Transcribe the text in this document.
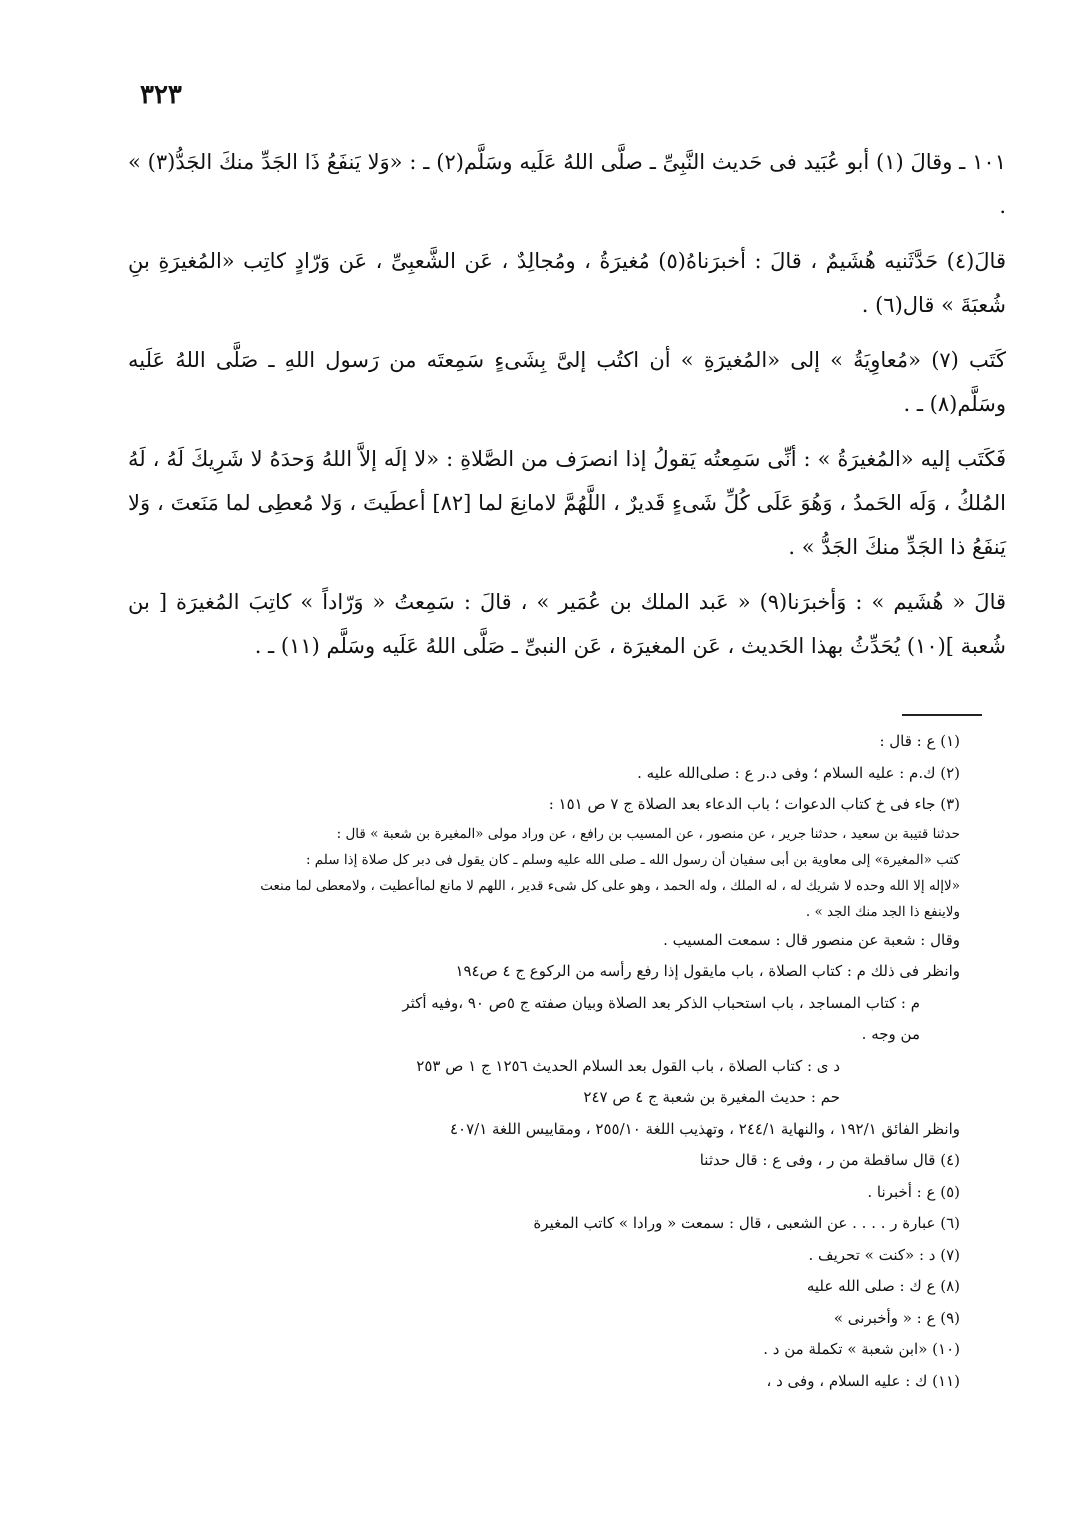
٣٢٣

١٠١ ـ وقالَ (١) أبو عُبَيد فى حَديث النَّبِىِّ ـ صلَّى اللهُ عَلَيه وسَلَّم(٢) ـ : «وَلا يَنفَعُ ذَا الجَدِّ منكَ الجَدُّ(٣) » .

قالَ(٤) حَدَّثَنيه هُشَيمٌ ، قالَ : أخبرَناهُ(٥) مُغيرَةُ ، ومُجالِدٌ ، عَن الشَّعبِىِّ ، عَن وَرّادٍ كاتِب «المُغيرَةِ بنِ شُعبَةَ » قال(٦) .

كَتَب (٧) «مُعاوِيَةُ » إلى «المُغيرَةِ » أن اكتُب إلىَّ بِشَىءٍ سَمِعتَه من رَسول اللهِ ـ صَلَّى اللهُ عَلَيه وسَلَّم(٨) ـ .

فَكَتَب إليه «المُغيرَةُ » : أنِّى سَمِعتُه يَقولُ إذا انصرَف من الصَّلاةِ : «لا إلَه إلاَّ اللهُ وَحدَهُ لا شَرِيكَ لَهُ ، لَهُ المُلكُ ، وَلَه الحَمدُ ، وَهُوَ عَلَى كُلِّ شَىءٍ قَديرٌ ، اللَّهُمَّ لامانِعَ لما [٨٢] أعطَيتَ ، وَلا مُعطِى لما مَنَعتَ ، وَلا يَنفَعُ ذا الجَدِّ منكَ الجَدُّ » .

قالَ « هُشَيم » : وَأخبرَنا(٩) « عَبد الملك بن عُمَير » ، قالَ : سَمِعتُ « وَرّاداً » كاتِبَ المُغيرَة [ بن شُعبة ](١٠) يُحَدِّثُ بهذا الحَديث ، عَن المغيرَة ، عَن النبىِّ ـ صَلَّى اللهُ عَلَيه وسَلَّم (١١) ـ .

(١) ع : قال :
(٢) ك.م : عليه السلام ؛ وفى د.ر ع : صلى‌الله عليه .
(٣) جاء فى خ كتاب الدعوات ؛ باب الدعاء بعد الصلاة ج ٧ ص ١٥١ :
حدثنا قتيبة بن سعيد ، حدثنا جرير ، عن منصور ، عن المسيب بن رافع ، عن وراد مولى «المغيرة بن شعبة » قال :
كتب «المغيرة» إلى معاوية بن أبى سفيان أن رسول الله ـ صلى الله عليه وسلم ـ كان يقول فى دبر كل صلاة إذا سلم :
«لاإله إلا الله وحده لا شريك له ، له الملك ، وله الحمد ، وهو على كل شىء قدير ، اللهم لا مانع لماأعطيت ، ولامعطى لما منعت
ولاينفع ذا الجد منك الجد » .
وقال : شعبة عن منصور قال : سمعت المسيب .
وانظر فى ذلك م : كتاب الصلاة ، باب مايقول إذا رفع رأسه من الركوع ج ٤ ص١٩٤
م : كتاب المساجد ، باب استحباب الذكر بعد الصلاة وبيان صفته ج ٥ص ٩٠ ،وفيه أكثر
من وجه .
د ى : كتاب الصلاة ، باب القول بعد السلام الحديث ١٢٥٦ ج ١ ص ٢٥٣
حم : حديث المغيرة بن شعبة ج ٤ ص ٢٤٧
وانظر الفائق ١٩٢/١ ، والنهاية ٢٤٤/١ ، وتهذيب اللغة ٢٥٥/١٠ ، ومقاييس اللغة ٤٠٧/١
(٤) قال ساقطة من ر ، وفى ع : قال حدثنا
(٥) ع : أخبرنا .
(٦) عبارة ر . . . . عن الشعبى ، قال : سمعت « ورادا » كاتب المغيرة
(٧) د : «كنت » تحريف .
(٨) ع ك : صلى الله عليه
(٩) ع : « وأخبرنى »
(١٠) «ابن شعبة » تكملة من د .
(١١) ك : عليه السلام ، وفى د ،
